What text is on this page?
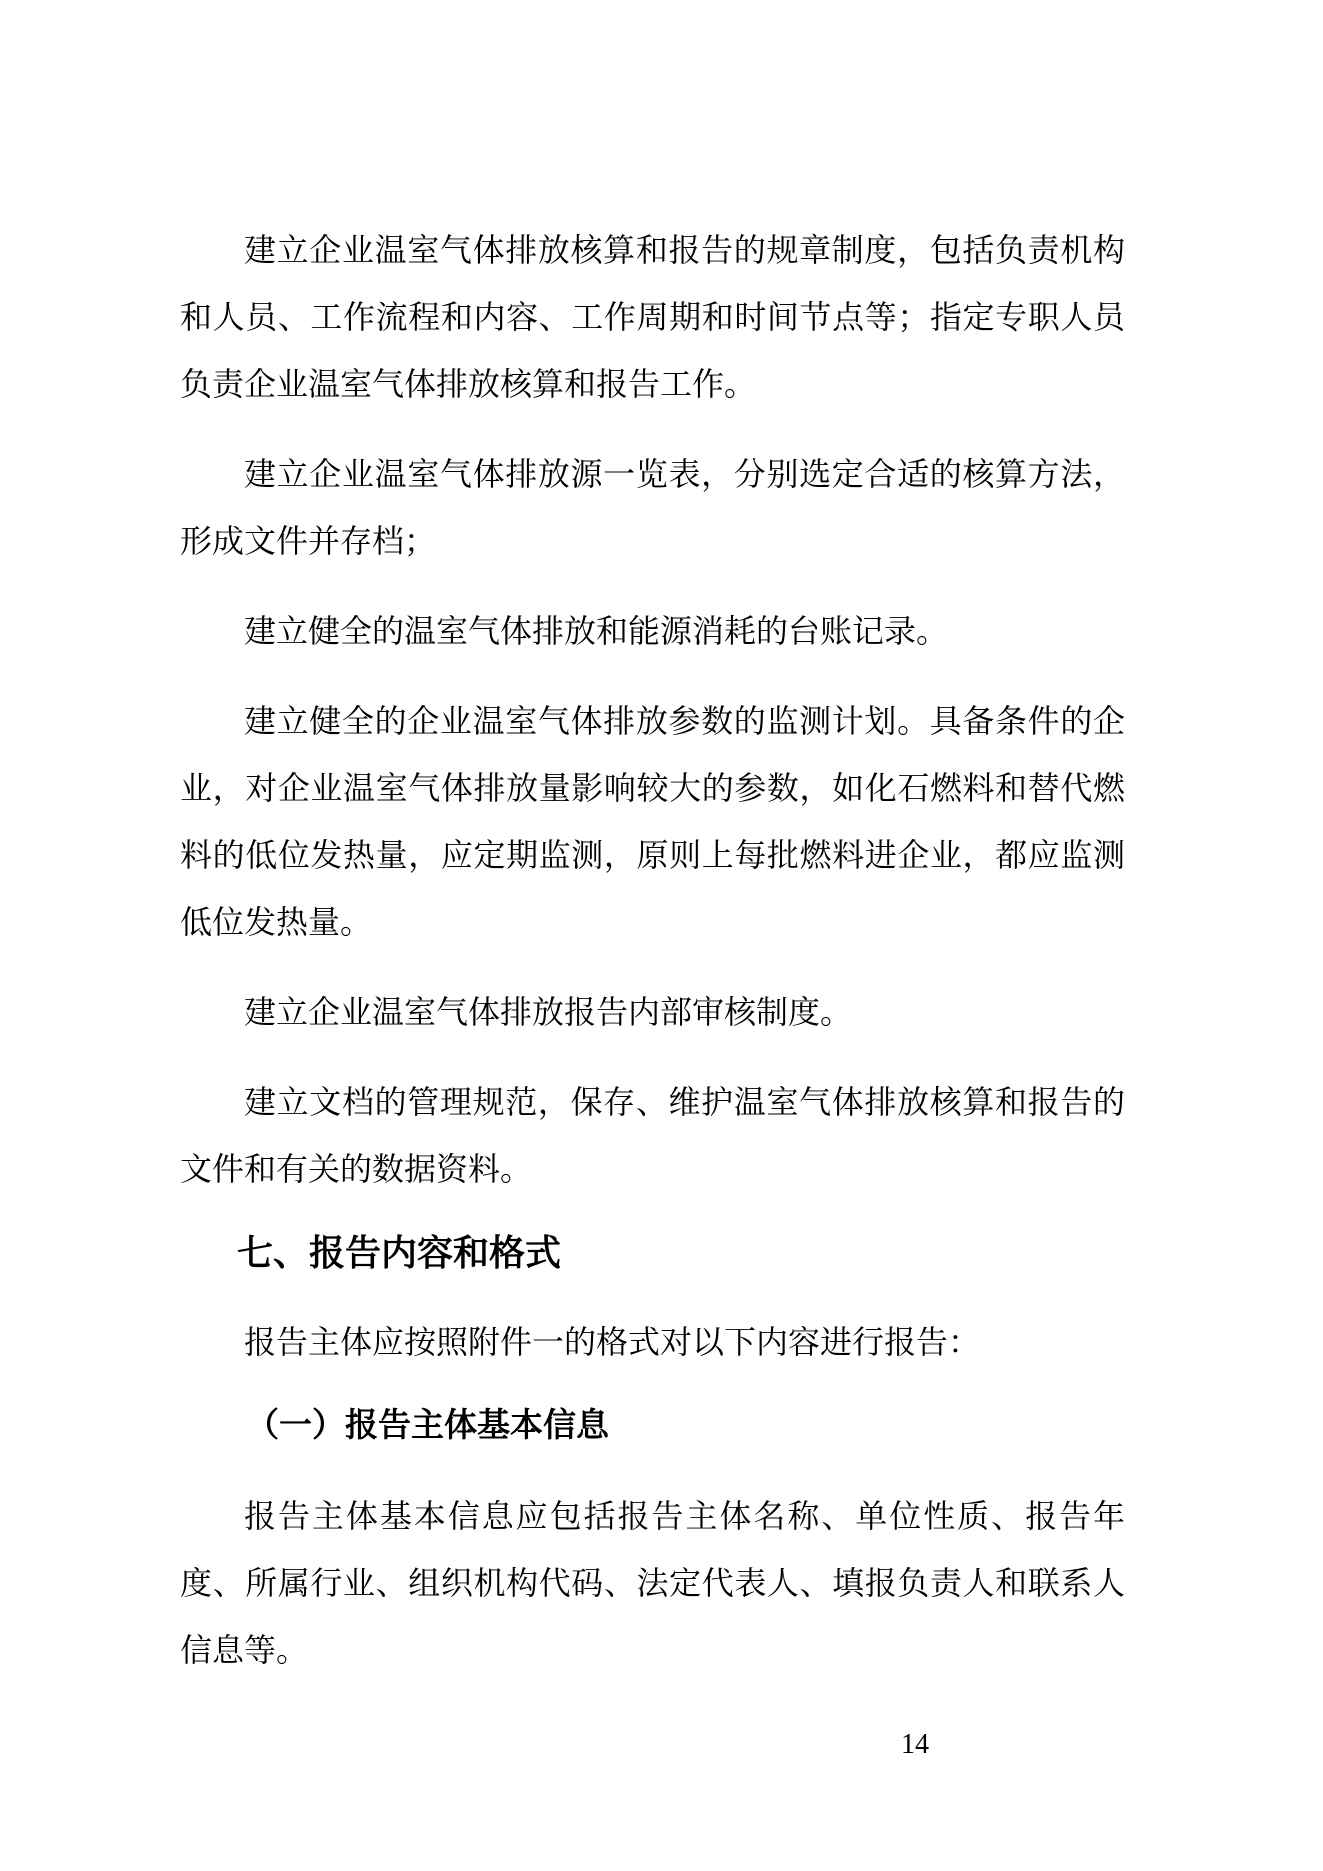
建立企业温室气体排放核算和报告的规章制度，包括负责机构和人员、工作流程和内容、工作周期和时间节点等；指定专职人员负责企业温室气体排放核算和报告工作。

建立企业温室气体排放源一览表，分别选定合适的核算方法，形成文件并存档；

建立健全的温室气体排放和能源消耗的台账记录。

建立健全的企业温室气体排放参数的监测计划。具备条件的企业，对企业温室气体排放量影响较大的参数，如化石燃料和替代燃料的低位发热量，应定期监测，原则上每批燃料进企业，都应监测低位发热量。

建立企业温室气体排放报告内部审核制度。

建立文档的管理规范，保存、维护温室气体排放核算和报告的文件和有关的数据资料。

七、报告内容和格式

报告主体应按照附件一的格式对以下内容进行报告：

（一）报告主体基本信息

报告主体基本信息应包括报告主体名称、单位性质、报告年度、所属行业、组织机构代码、法定代表人、填报负责人和联系人信息等。

14
